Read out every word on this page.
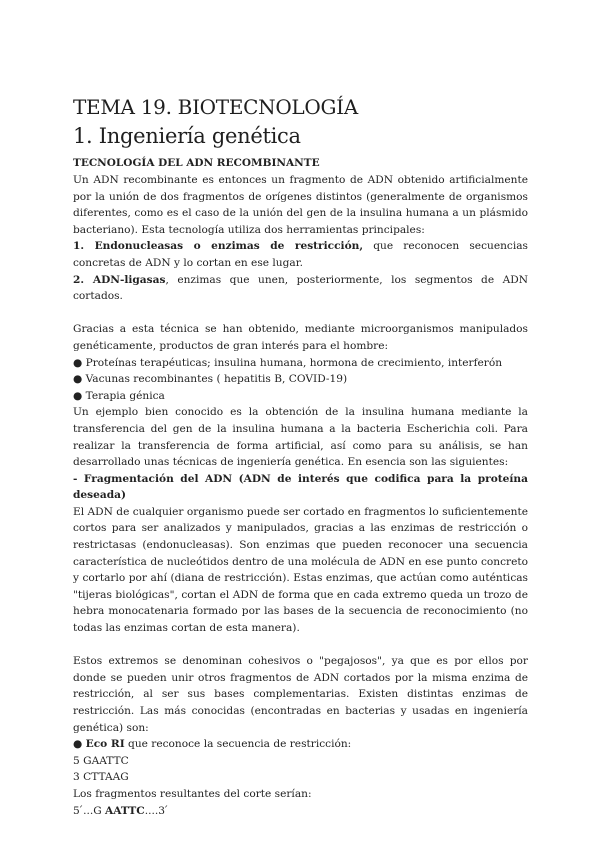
TEMA 19. BIOTECNOLOGÍA
1. Ingeniería genética
TECNOLOGÍA DEL ADN RECOMBINANTE

Un ADN recombinante es entonces un fragmento de ADN obtenido artificialmente por la unión de dos fragmentos de orígenes distintos (generalmente de organismos diferentes, como es el caso de la unión del gen de la insulina humana a un plásmido bacteriano). Esta tecnología utiliza dos herramientas principales:

1. Endonucleasas o enzimas de restricción, que reconocen secuencias concretas de ADN y lo cortan en ese lugar.

2. ADN-ligasas, enzimas que unen, posteriormente, los segmentos de ADN cortados.

Gracias a esta técnica se han obtenido, mediante microorganismos manipulados genéticamente, productos de gran interés para el hombre:

● Proteínas terapéuticas; insulina humana, hormona de crecimiento, interferón

● Vacunas recombinantes ( hepatitis B, COVID-19)

● Terapia génica

Un ejemplo bien conocido es la obtención de la insulina humana mediante la transferencia del gen de la insulina humana a la bacteria Escherichia coli. Para realizar la transferencia de forma artificial, así como para su análisis, se han desarrollado unas técnicas de ingeniería genética. En esencia son las siguientes:

- Fragmentación del ADN (ADN de interés que codifica para la proteína deseada)

El ADN de cualquier organismo puede ser cortado en fragmentos lo suficientemente cortos para ser analizados y manipulados, gracias a las enzimas de restricción o restrictasas (endonucleasas). Son enzimas que pueden reconocer una secuencia característica de nucleótidos dentro de una molécula de ADN en ese punto concreto y cortarlo por ahí (diana de restricción). Estas enzimas, que actúan como auténticas "tijeras biológicas", cortan el ADN de forma que en cada extremo queda un trozo de hebra monocatenaria formado por las bases de la secuencia de reconocimiento (no todas las enzimas cortan de esta manera).

Estos extremos se denominan cohesivos o "pegajosos", ya que es por ellos por donde se pueden unir otros fragmentos de ADN cortados por la misma enzima de restricción, al ser sus bases complementarias. Existen distintas enzimas de restricción. Las más conocidas (encontradas en bacterias y usadas en ingeniería genética) son:

● Eco RI que reconoce la secuencia de restricción:

5 GAATTC

3 CTTAAG

Los fragmentos resultantes del corte serían:

5 ́...G AATTC....3 ́
